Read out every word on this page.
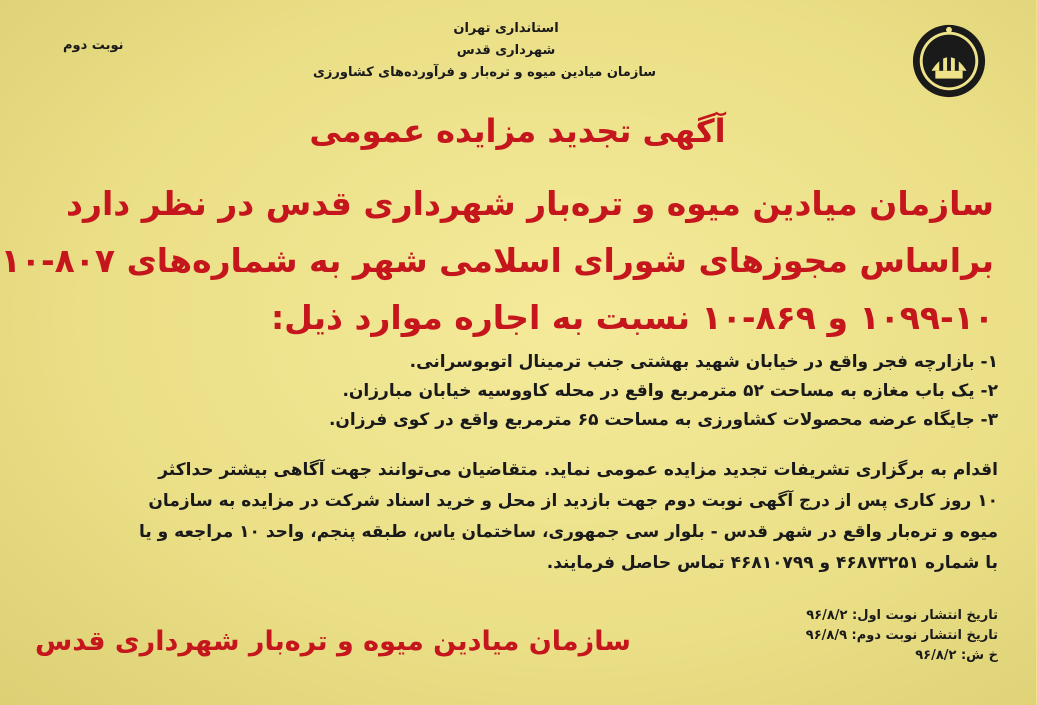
استانداری تهران
شهرداری قدس
سازمان میادین میوه و تره‌بار و فرآورده‌های کشاورزی
نوبت دوم
آگهی تجدید مزایده عمومی
سازمان میادین میوه و تره‌بار شهرداری قدس در نظر دارد
براساس مجوزهای شورای اسلامی شهر به شماره‌های ۸۰۷-۱۰
۱۰۹۹-۱۰ و ۸۶۹-۱۰ نسبت به اجاره موارد ذیل:
۱- بازارچه فجر واقع در خیابان شهید بهشتی جنب ترمینال اتوبوسرانی.
۲- یک باب مغازه به مساحت ۵۲ مترمربع واقع در محله کاووسیه خیابان مبارزان.
۳- جایگاه عرضه محصولات کشاورزی به مساحت ۶۵ مترمربع واقع در کوی فرزان.
اقدام به برگزاری تشریفات تجدید مزایده عمومی نماید. متقاضیان می‌توانند جهت آگاهی بیشتر حداکثر
۱۰ روز کاری پس از درج آگهی نوبت دوم جهت بازدید از محل و خرید اسناد شرکت در مزایده به سازمان
میوه و تره‌بار واقع در شهر قدس - بلوار سی جمهوری، ساختمان یاس، طبقه پنجم، واحد ۱۰ مراجعه و یا
با شماره ۴۶۸۷۳۲۵۱ و ۴۶۸۱۰۷۹۹ تماس حاصل فرمایند.
تاریخ انتشار نوبت اول: ۹۶/۸/۲
تاریخ انتشار نوبت دوم: ۹۶/۸/۹
خ ش: ۹۶/۸/۲
سازمان میادین میوه و تره‌بار شهرداری قدس
